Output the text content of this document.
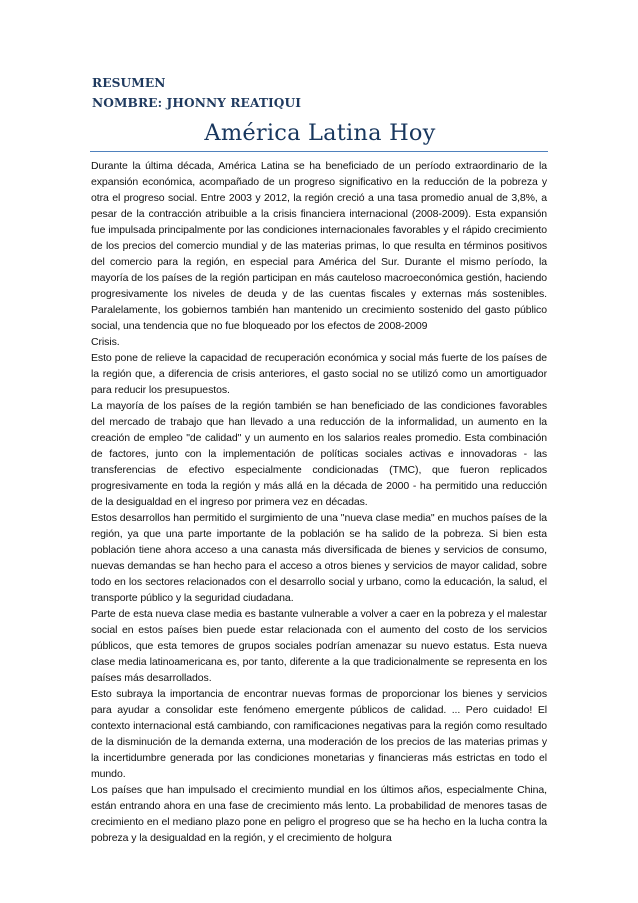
RESUMEN
NOMBRE: JHONNY REATIQUI
América Latina Hoy

Durante la última década, América Latina se ha beneficiado de un período extraordinario de la expansión económica, acompañado de un progreso significativo en la reducción de la pobreza y otra el progreso social. Entre 2003 y 2012, la región creció a una tasa promedio anual de 3,8%, a pesar de la contracción atribuible a la crisis financiera internacional (2008-2009). Esta expansión fue impulsada principalmente por las condiciones internacionales favorables y el rápido crecimiento de los precios del comercio mundial y de las materias primas, lo que resulta en términos positivos del comercio para la región, en especial para América del Sur. Durante el mismo período, la mayoría de los países de la región participan en más cauteloso macroeconómica gestión, haciendo progresivamente los niveles de deuda y de las cuentas fiscales y externas más sostenibles. Paralelamente, los gobiernos también han mantenido un crecimiento sostenido del gasto público social, una tendencia que no fue bloqueado por los efectos de 2008-2009

Crisis.

Esto pone de relieve la capacidad de recuperación económica y social más fuerte de los países de la región que, a diferencia de crisis anteriores, el gasto social no se utilizó como un amortiguador para reducir los presupuestos.

La mayoría de los países de la región también se han beneficiado de las condiciones favorables del mercado de trabajo que han llevado a una reducción de la informalidad, un aumento en la creación de empleo "de calidad" y un aumento en los salarios reales promedio. Esta combinación de factores, junto con la implementación de políticas sociales activas e innovadoras - las transferencias de efectivo especialmente condicionadas (TMC), que fueron replicados progresivamente en toda la región y más allá en la década de 2000 - ha permitido una reducción de la desigualdad en el ingreso por primera vez en décadas.

Estos desarrollos han permitido el surgimiento de una "nueva clase media" en muchos países de la región, ya que una parte importante de la población se ha salido de la pobreza. Si bien esta población tiene ahora acceso a una canasta más diversificada de bienes y servicios de consumo, nuevas demandas se han hecho para el acceso a otros bienes y servicios de mayor calidad, sobre todo en los sectores relacionados con el desarrollo social y urbano, como la educación, la salud, el transporte público y la seguridad ciudadana.

Parte de esta nueva clase media es bastante vulnerable a volver a caer en la pobreza y el malestar social en estos países bien puede estar relacionada con el aumento del costo de los servicios públicos, que esta temores de grupos sociales podrían amenazar su nuevo estatus. Esta nueva clase media latinoamericana es, por tanto, diferente a la que tradicionalmente se representa en los países más desarrollados.

Esto subraya la importancia de encontrar nuevas formas de proporcionar los bienes y servicios para ayudar a consolidar este fenómeno emergente públicos de calidad. ... Pero cuidado! El contexto internacional está cambiando, con ramificaciones negativas para la región como resultado de la disminución de la demanda externa, una moderación de los precios de las materias primas y la incertidumbre generada por las condiciones monetarias y financieras más estrictas en todo el mundo.

Los países que han impulsado el crecimiento mundial en los últimos años, especialmente China, están entrando ahora en una fase de crecimiento más lento. La probabilidad de menores tasas de crecimiento en el mediano plazo pone en peligro el progreso que se ha hecho en la lucha contra la pobreza y la desigualdad en la región, y el crecimiento de holgura
